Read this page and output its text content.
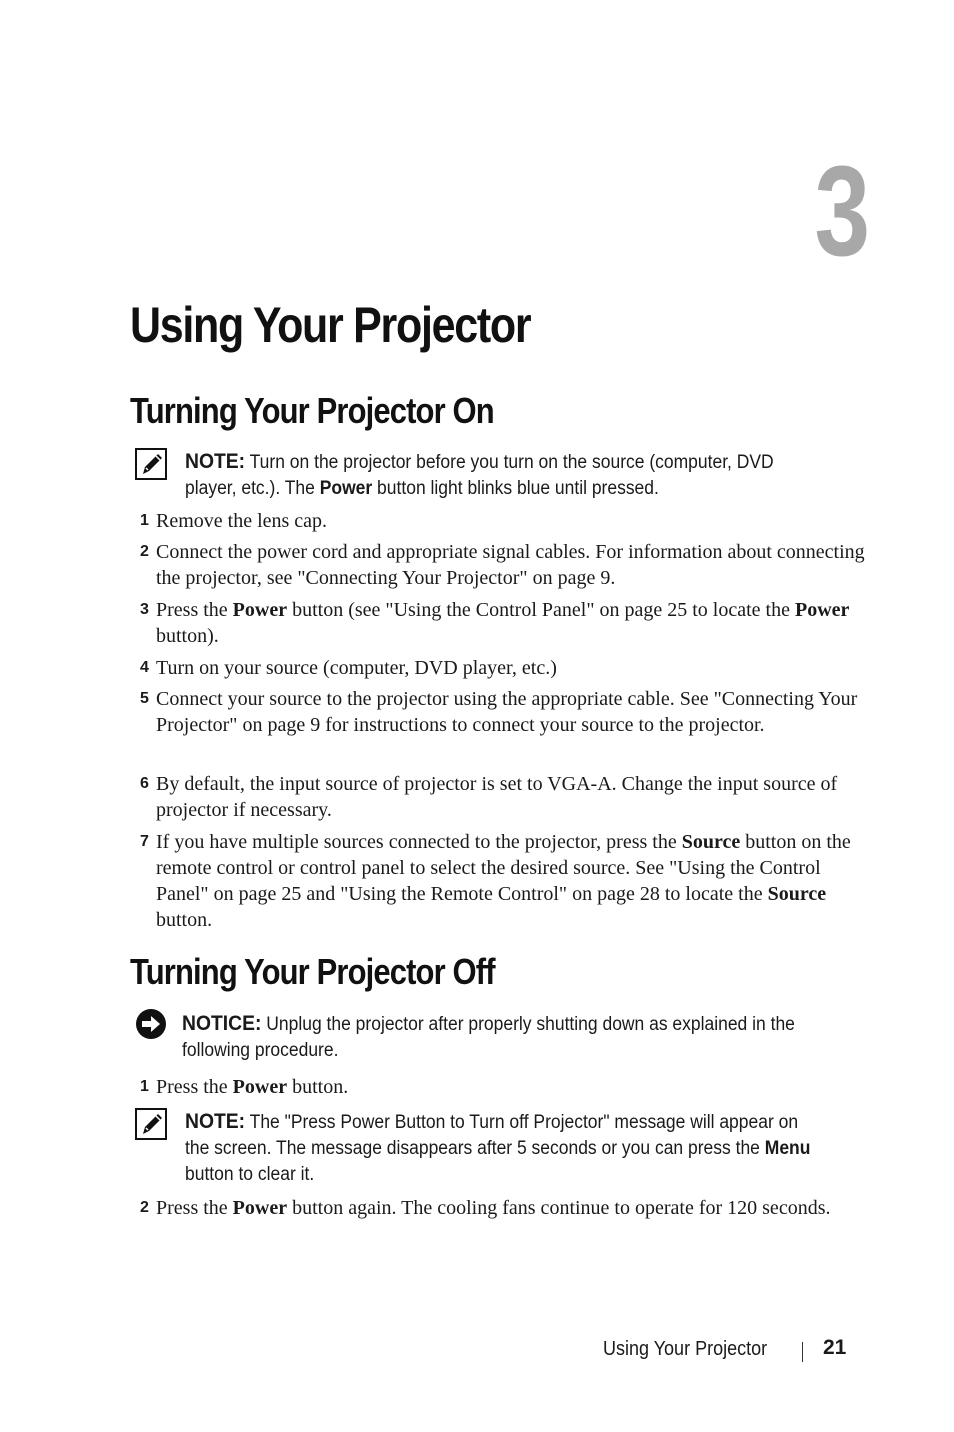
3
Using Your Projector
Turning Your Projector On
NOTE: Turn on the projector before you turn on the source (computer, DVD player, etc.). The Power button light blinks blue until pressed.
1 Remove the lens cap.
2 Connect the power cord and appropriate signal cables. For information about connecting the projector, see "Connecting Your Projector" on page 9.
3 Press the Power button (see "Using the Control Panel" on page 25 to locate the Power button).
4 Turn on your source (computer, DVD player, etc.)
5 Connect your source to the projector using the appropriate cable. See "Connecting Your Projector" on page 9 for instructions to connect your source to the projector.
6 By default, the input source of projector is set to VGA-A. Change the input source of projector if necessary.
7 If you have multiple sources connected to the projector, press the Source button on the remote control or control panel to select the desired source. See "Using the Control Panel" on page 25 and "Using the Remote Control" on page 28 to locate the Source button.
Turning Your Projector Off
NOTICE: Unplug the projector after properly shutting down as explained in the following procedure.
1 Press the Power button.
NOTE: The "Press Power Button to Turn off Projector" message will appear on the screen. The message disappears after 5 seconds or you can press the Menu button to clear it.
2 Press the Power button again. The cooling fans continue to operate for 120 seconds.
Using Your Projector	21
